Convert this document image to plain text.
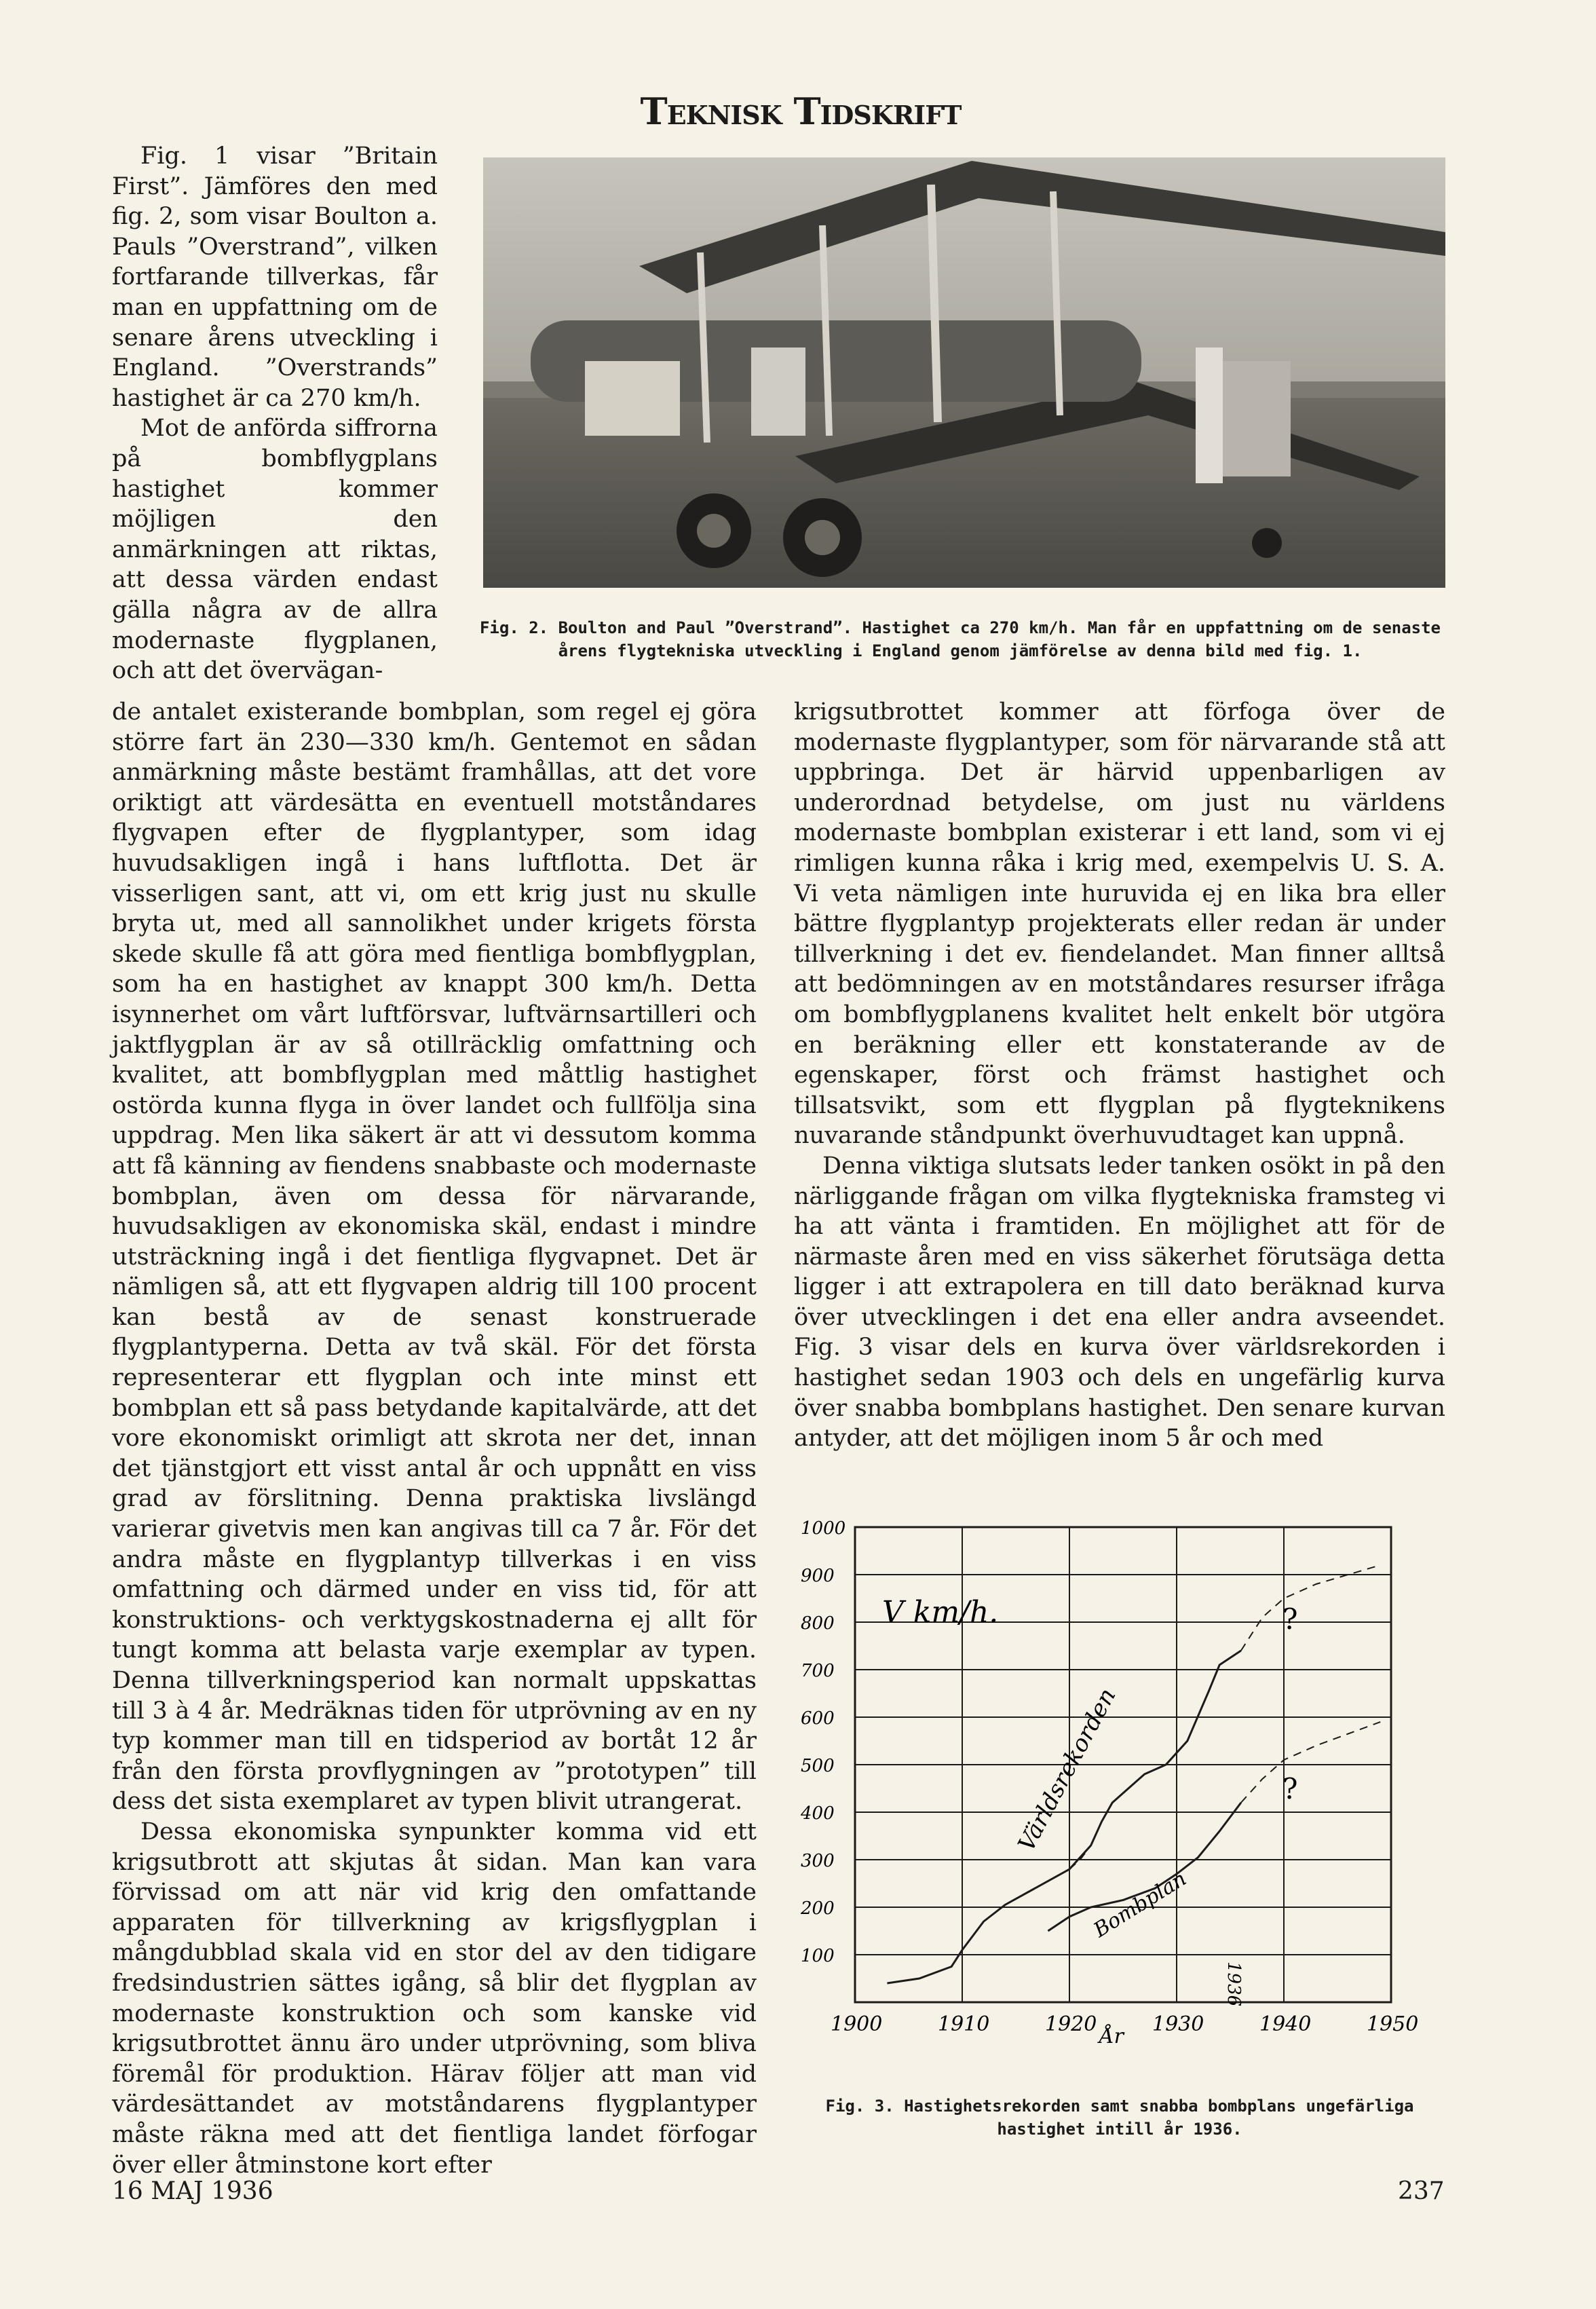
Teknisk Tidskrift
Fig. 2. Boulton and Paul ”Overstrand”. Hastighet ca 270 km/h. Man får en uppfattning om de senaste årens flygtekniska utveckling i England genom jämförelse av denna bild med fig. 1.

Fig. 1 visar ”Britain First”. Jämföres den med fig. 2, som visar Boulton a. Pauls ”Overstrand”, vilken fortfarande tillverkas, får man en uppfattning om de senare årens utveckling i England. ”Overstrands” hastighet är ca 270 km/h.

Mot de anförda siffrorna på bombflygplans hastighet kommer möjligen den anmärkningen att riktas, att dessa värden endast gälla några av de allra modernaste flygplanen, och att det övervägan-

de antalet existerande bombplan, som regel ej göra större fart än 230—330 km/h. Gentemot en sådan anmärkning måste bestämt framhållas, att det vore oriktigt att värdesätta en eventuell motståndares flygvapen efter de flygplantyper, som idag huvudsakligen ingå i hans luftflotta. Det är visserligen sant, att vi, om ett krig just nu skulle bryta ut, med all sannolikhet under krigets första skede skulle få att göra med fientliga bombflygplan, som ha en hastighet av knappt 300 km/h. Detta isynnerhet om vårt luftförsvar, luftvärnsartilleri och jaktflygplan är av så otillräcklig omfattning och kvalitet, att bombflygplan med måttlig hastighet ostörda kunna flyga in över landet och fullfölja sina uppdrag. Men lika säkert är att vi dessutom komma att få känning av fiendens snabbaste och modernaste bombplan, även om dessa för närvarande, huvudsakligen av ekonomiska skäl, endast i mindre utsträckning ingå i det fientliga flygvapnet. Det är nämligen så, att ett flygvapen aldrig till 100 procent kan bestå av de senast konstruerade flygplantyperna. Detta av två skäl. För det första representerar ett flygplan och inte minst ett bombplan ett så pass betydande kapitalvärde, att det vore ekonomiskt orimligt att skrota ner det, innan det tjänstgjort ett visst antal år och uppnått en viss grad av förslitning. Denna praktiska livslängd varierar givetvis men kan angivas till ca 7 år. För det andra måste en flygplantyp tillverkas i en viss omfattning och därmed under en viss tid, för att konstruktions- och verktygskostnaderna ej allt för tungt komma att belasta varje exemplar av typen. Denna tillverkningsperiod kan normalt uppskattas till 3 à 4 år. Medräknas tiden för utprövning av en ny typ kommer man till en tidsperiod av bortåt 12 år från den första provflygningen av ”prototypen” till dess det sista exemplaret av typen blivit utrangerat.

Dessa ekonomiska synpunkter komma vid ett krigsutbrott att skjutas åt sidan. Man kan vara förvissad om att när vid krig den omfattande apparaten för tillverkning av krigsflygplan i mångdubblad skala vid en stor del av den tidigare fredsindustrien sättes igång, så blir det flygplan av modernaste konstruktion och som kanske vid krigsutbrottet ännu äro under utprövning, som bliva föremål för produktion. Härav följer att man vid värdesättandet av motståndarens flygplantyper måste räkna med att det fientliga landet förfogar över eller åtminstone kort efter

krigsutbrottet kommer att förfoga över de modernaste flygplantyper, som för närvarande stå att uppbringa. Det är härvid uppenbarligen av underordnad betydelse, om just nu världens modernaste bombplan existerar i ett land, som vi ej rimligen kunna råka i krig med, exempelvis U. S. A. Vi veta nämligen inte huruvida ej en lika bra eller bättre flygplantyp projekterats eller redan är under tillverkning i det ev. fiendelandet. Man finner alltså att bedömningen av en motståndares resurser ifråga om bombflygplanens kvalitet helt enkelt bör utgöra en beräkning eller ett konstaterande av de egenskaper, först och främst hastighet och tillsatsvikt, som ett flygplan på flygteknikens nuvarande ståndpunkt överhuvudtaget kan uppnå.

Denna viktiga slutsats leder tanken osökt in på den närliggande frågan om vilka flygtekniska framsteg vi ha att vänta i framtiden. En möjlighet att för de närmaste åren med en viss säkerhet förutsäga detta ligger i att extrapolera en till dato beräknad kurva över utvecklingen i det ena eller andra avseendet. Fig. 3 visar dels en kurva över världsrekorden i hastighet sedan 1903 och dels en ungefärlig kurva över snabba bombplans hastighet. Den senare kurvan antyder, att det möjligen inom 5 år och med

100
200
300
400
500
600
700
800
900
1000
1900	1910	1920	1930	1940	1950
V km/h.
År
?
?
1936
Världsrekorden
Bombplan
Fig. 3. Hastighetsrekorden samt snabba bombplans ungefärliga hastighet intill år 1936.
16 MAJ 1936	237
